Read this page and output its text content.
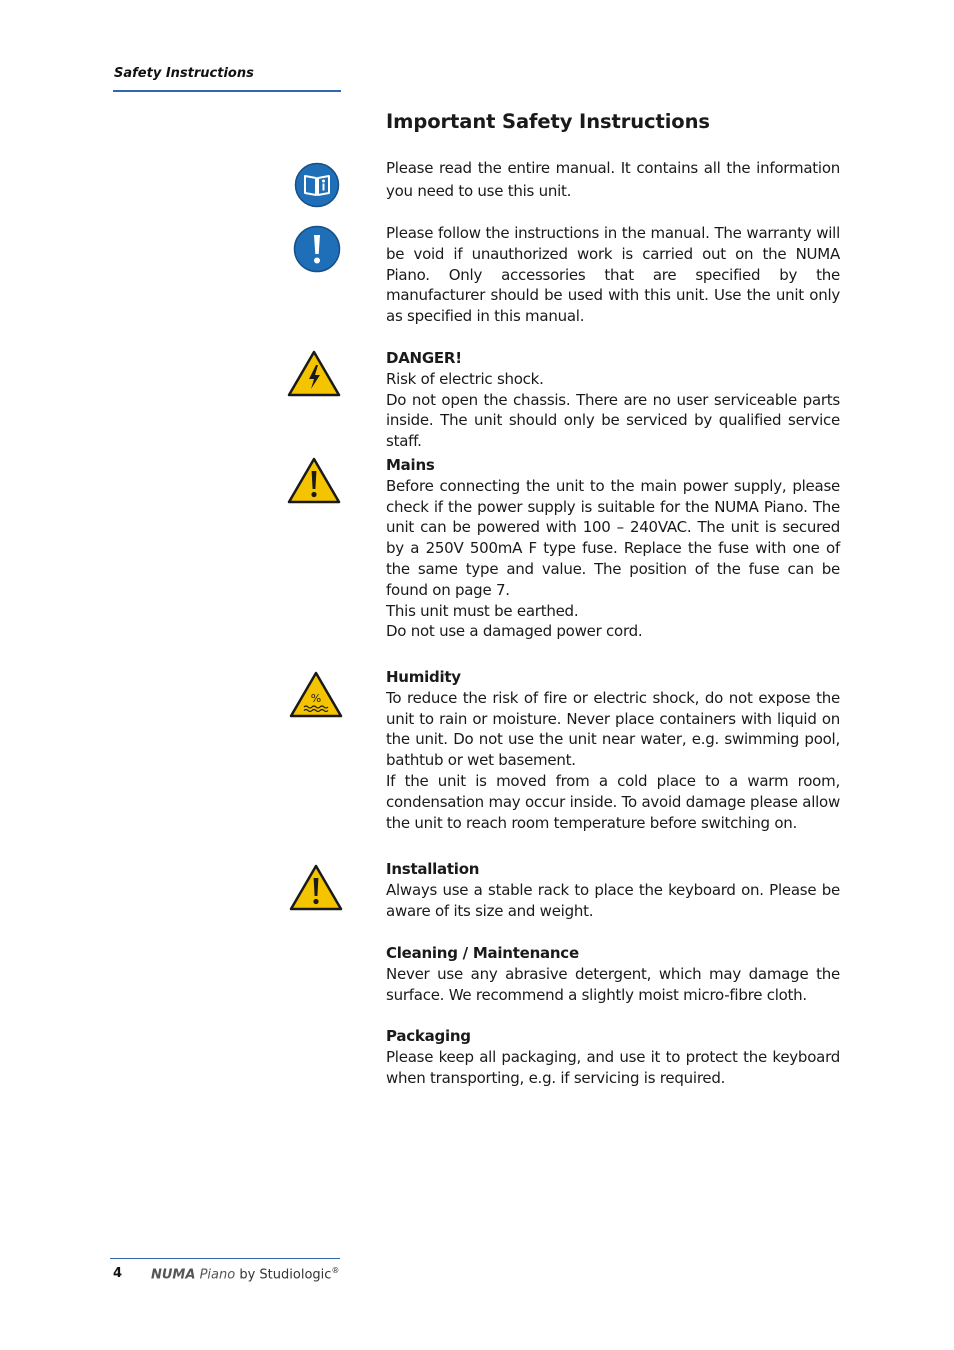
Safety Instructions
Important Safety Instructions
%

Please read the entire manual. It contains all the information you need to use this unit.

Please follow the instructions in the manual. The warranty will be void if unauthorized work is carried out on the NUMA Piano. Only accessories that are specified by the manufacturer should be used with this unit. Use the unit only as specified in this manual.

DANGER!

Risk of electric shock.

Do not open the chassis. There are no user serviceable parts inside. The unit should only be serviced by qualified service staff.

Mains

Before connecting the unit to the main power supply, please check if the power supply is suitable for the NUMA Piano. The unit can be powered with 100 – 240VAC. The unit is secured by a 250V 500mA F type fuse. Replace the fuse with one of the same type and value. The position of the fuse can be found on page 7.

This unit must be earthed.

Do not use a damaged power cord.

Humidity

To reduce the risk of fire or electric shock, do not expose the unit to rain or moisture. Never place containers with liquid on the unit. Do not use the unit near water, e.g. swimming pool, bathtub or wet basement.

If the unit is moved from a cold place to a warm room, condensation may occur inside. To avoid damage please allow the unit to reach room temperature before switching on.

Installation

Always use a stable rack to place the keyboard on. Please be aware of its size and weight.

Cleaning / Maintenance

Never use any abrasive detergent, which may damage the surface. We recommend a slightly moist micro-fibre cloth.

Packaging

Please keep all packaging, and use it to protect the keyboard when transporting, e.g. if servicing is required.

4 NUMA Piano by Studiologic®
